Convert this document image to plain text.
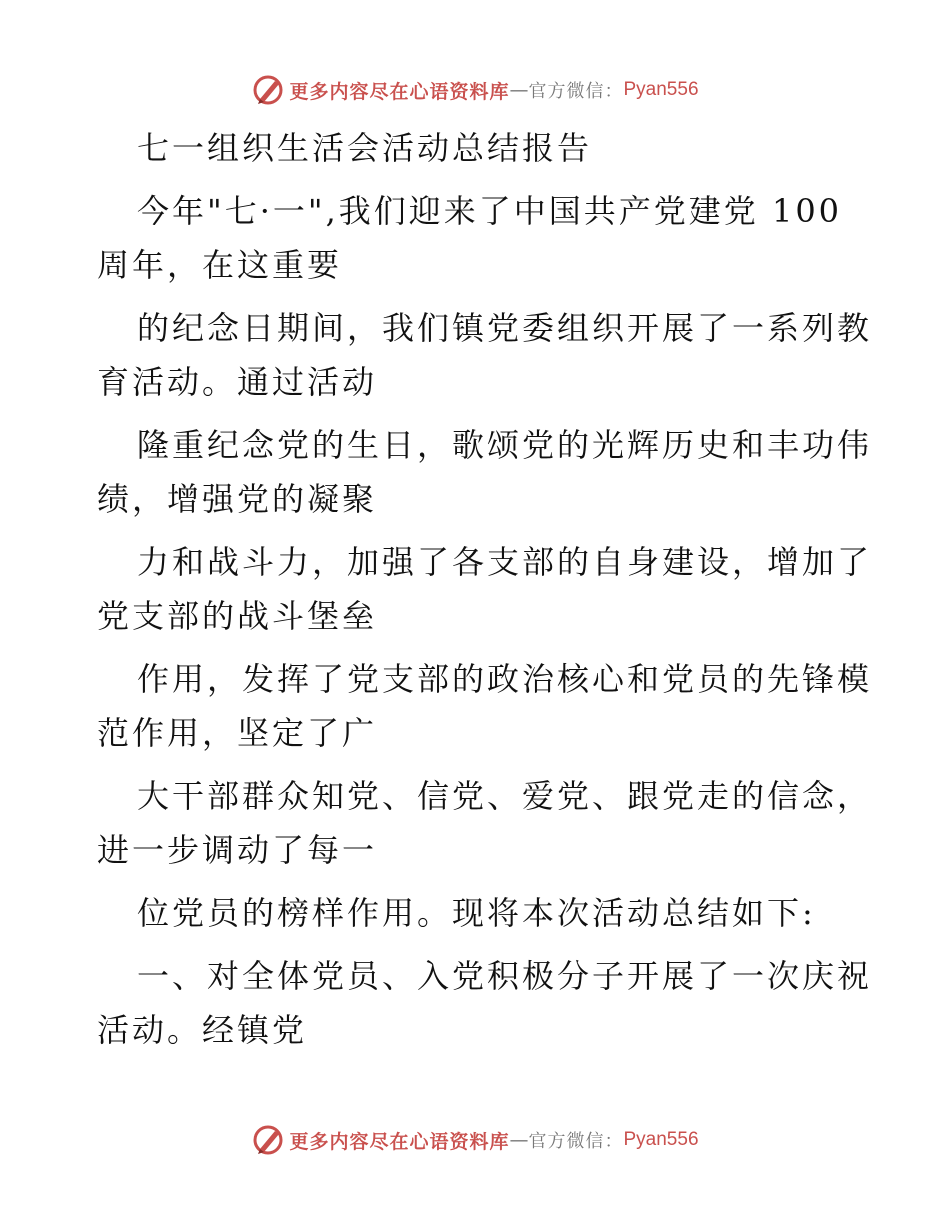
更多内容尽在心语资料库 — 官方微信： Pyan556
七一组织生活会活动总结报告
今年"七·一",我们迎来了中国共产党建党 100
周年，在这重要
的纪念日期间，我们镇党委组织开展了一系列教
育活动。通过活动
隆重纪念党的生日，歌颂党的光辉历史和丰功伟
绩，增强党的凝聚
力和战斗力，加强了各支部的自身建设，增加了
党支部的战斗堡垒
作用，发挥了党支部的政治核心和党员的先锋模
范作用，坚定了广
大干部群众知党、信党、爱党、跟党走的信念，
进一步调动了每一
位党员的榜样作用。现将本次活动总结如下:
一、对全体党员、入党积极分子开展了一次庆祝
活动。经镇党
更多内容尽在心语资料库 — 官方微信： Pyan556
